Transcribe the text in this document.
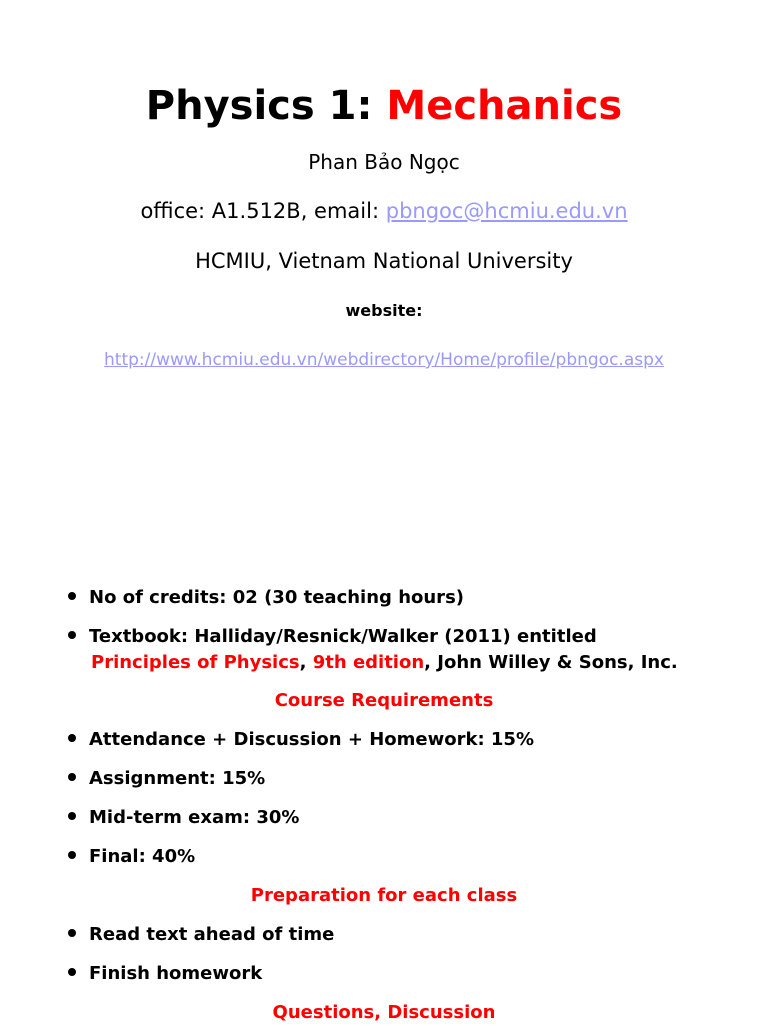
Physics 1: Mechanics
Phan Bảo Ngọc
office: A1.512B, email: pbngoc@hcmiu.edu.vn
HCMIU, Vietnam National University
website:
http://www.hcmiu.edu.vn/webdirectory/Home/profile/pbngoc.aspx
No of credits: 02 (30 teaching hours)
Textbook: Halliday/Resnick/Walker (2011) entitled
Principles of Physics, 9th edition, John Willey & Sons, Inc.
Course Requirements
Attendance + Discussion + Homework: 15%
Assignment: 15%
Mid-term exam: 30%
Final: 40%
Preparation for each class
Read text ahead of time
Finish homework
Questions, Discussion
